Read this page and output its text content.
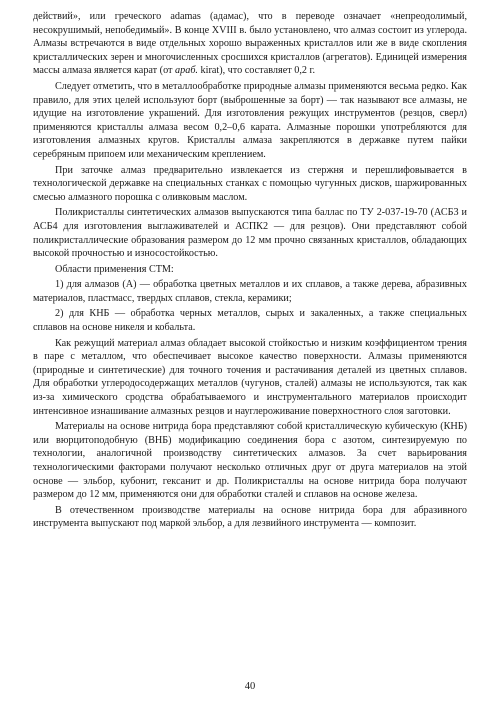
действий», или греческого adamas (адамас), что в переводе означает «непреодолимый, несокрушимый, непобедимый». В конце XVIII в. было установлено, что алмаз состоит из углерода. Алмазы встречаются в виде отдельных хорошо выраженных кристаллов или же в виде скопления кристаллических зерен и многочисленных сросшихся кристаллов (агрегатов). Единицей измерения массы алмаза является карат (от араб. kirat), что составляет 0,2 г.

Следует отметить, что в металлообработке природные алмазы применяются весьма редко. Как правило, для этих целей используют борт (выброшенные за борт) — так называют все алмазы, не идущие на изготовление украшений. Для изготовления режущих инструментов (резцов, сверл) применяются кристаллы алмаза весом 0,2–0,6 карата. Алмазные порошки употребляются для изготовления алмазных кругов. Кристаллы алмаза закрепляются в державке путем пайки серебряным припоем или механическим креплением.

При заточке алмаз предварительно извлекается из стержня и перешлифовывается в технологической державке на специальных станках с помощью чугунных дисков, шаржированных смесью алмазного порошка с оливковым маслом.

Поликристаллы синтетических алмазов выпускаются типа баллас по ТУ 2-037-19-70 (АСБ3 и АСБ4 для изготовления выглаживателей и АСПК2 — для резцов). Они представляют собой поликристаллические образования размером до 12 мм прочно связанных кристаллов, обладающих высокой прочностью и износостойкостью.

Области применения СТМ:

1) для алмазов (А) — обработка цветных металлов и их сплавов, а также дерева, абразивных материалов, пластмасс, твердых сплавов, стекла, керамики;

2) для КНБ — обработка черных металлов, сырых и закаленных, а также специальных сплавов на основе никеля и кобальта.

Как режущий материал алмаз обладает высокой стойкостью и низким коэффициентом трения в паре с металлом, что обеспечивает высокое качество поверхности. Алмазы применяются (природные и синтетические) для точного точения и растачивания деталей из цветных сплавов. Для обработки углеродосодержащих металлов (чугунов, сталей) алмазы не используются, так как из-за химического сродства обрабатываемого и инструментального материалов происходит интенсивное изнашивание алмазных резцов и науглероживание поверхностного слоя заготовки.

Материалы на основе нитрида бора представляют собой кристаллическую кубическую (КНБ) или вюрцитоподобную (ВНБ) модификацию соединения бора с азотом, синтезируемую по технологии, аналогичной производству синтетических алмазов. За счет варьирования технологическими факторами получают несколько отличных друг от друга материалов на этой основе — эльбор, кубонит, гексанит и др. Поликристаллы на основе нитрида бора получают размером до 12 мм, применяются они для обработки сталей и сплавов на основе железа.

В отечественном производстве материалы на основе нитрида бора для абразивного инструмента выпускают под маркой эльбор, а для лезвийного инструмента — композит.

40
